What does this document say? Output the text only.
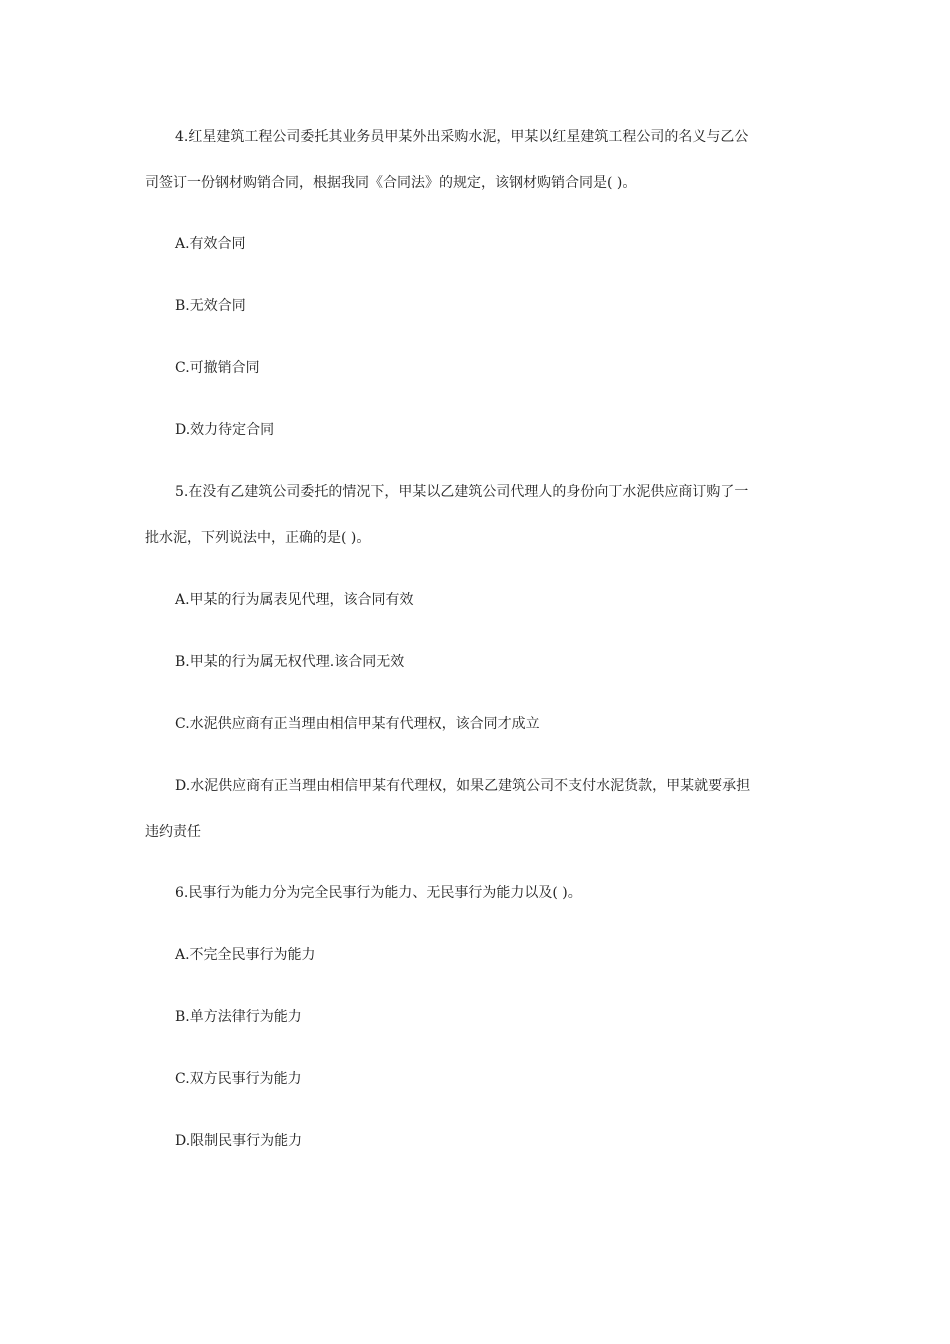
4.红星建筑工程公司委托其业务员甲某外出采购水泥，甲某以红星建筑工程公司的名义与乙公
司签订一份钢材购销合同，根据我同《合同法》的规定，该钢材购销合同是( )。
A.有效合同
B.无效合同
C.可撤销合同
D.效力待定合同
5.在没有乙建筑公司委托的情况下，甲某以乙建筑公司代理人的身份向丁水泥供应商订购了一
批水泥，下列说法中，正确的是( )。
A.甲某的行为属表见代理，该合同有效
B.甲某的行为属无权代理.该合同无效
C.水泥供应商有正当理由相信甲某有代理权，该合同才成立
D.水泥供应商有正当理由相信甲某有代理权，如果乙建筑公司不支付水泥货款，甲某就要承担
违约责任
6.民事行为能力分为完全民事行为能力、无民事行为能力以及( )。
A.不完全民事行为能力
B.单方法律行为能力
C.双方民事行为能力
D.限制民事行为能力
